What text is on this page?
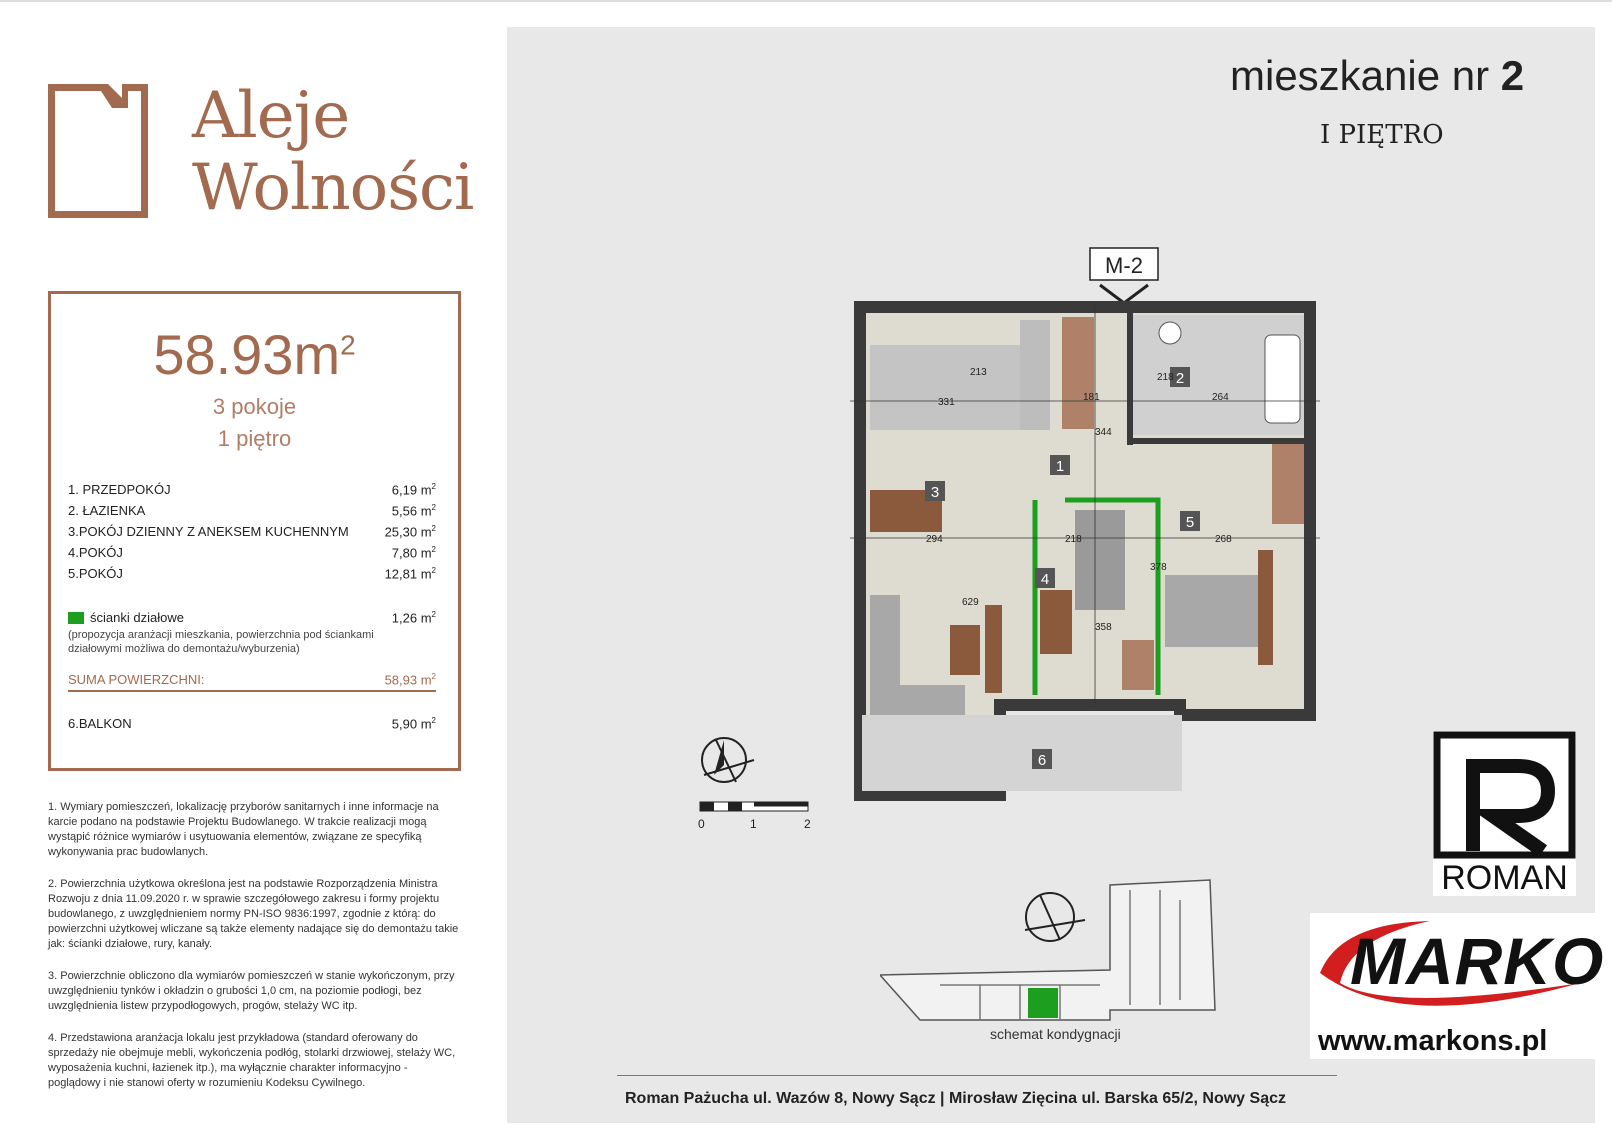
Aleje
Wolności
$58.93m^2$
3 pokoje
1 piętro
1. PRZEDPOKÓJ	6,19 $m^2$
2. ŁAZIENKA	5,56 $m^2$
3.POKÓJ DZIENNY Z ANEKSEM KUCHENNYM	25,30 $m^2$
4.POKÓJ	7,80 $m^2$
5.POKÓJ	12,81 $m^2$
ścianki działowe	1,26 $m^2$
(propozycja aranżacji mieszkania, powierzchnia pod ściankami działowymi możliwa do demontażu/wyburzenia)
SUMA POWIERZCHNI:	58,93 $m^2$
6.BALKON	5,90 $m^2$
1. Wymiary pomieszczeń, lokalizację przyborów sanitarnych i inne informacje na karcie podano na podstawie Projektu Budowlanego. W trakcie realizacji mogą wystąpić różnice wymiarów i usytuowania elementów, związane ze specyfiką wykonywania prac budowlanych.
2. Powierzchnia użytkowa określona jest na podstawie Rozporządzenia Ministra Rozwoju z dnia 11.09.2020 r. w sprawie szczegółowego zakresu i formy projektu budowlanego, z uwzględnieniem normy PN-ISO 9836:1997, zgodnie z którą: do powierzchni użytkowej wliczane są także elementy nadające się do demontażu takie jak: ścianki działowe, rury, kanały.
3. Powierzchnie obliczono dla wymiarów pomieszczeń w stanie wykończonym, przy uwzględnieniu tynków i okładzin o grubości 1,0 cm, na poziomie podłogi, bez uwzględnienia listew przypodłogowych, progów, stelaży WC itp.
4. Przedstawiona aranżacja lokalu jest przykładowa (standard oferowany do sprzedaży nie obejmuje mebli, wykończenia podłóg, stolarki drzwiowej, stelaży WC, wyposażenia kuchni, łazienek itp.), ma wyłącznie charakter informacyjno - poglądowy i nie stanowi oferty w rozumieniu Kodeksu Cywilnego.
mieszkanie nr 2
I PIĘTRO
M-2
1
2
3
4
5
6
331
213
181
344
218
264
294
629
218
358
378
268
0	1	2
schemat kondygnacji
ROMAN
MARKO
www.markons.pl
Roman Pażucha ul. Wazów 8, Nowy Sącz | Mirosław Zięcina ul. Barska 65/2, Nowy Sącz
